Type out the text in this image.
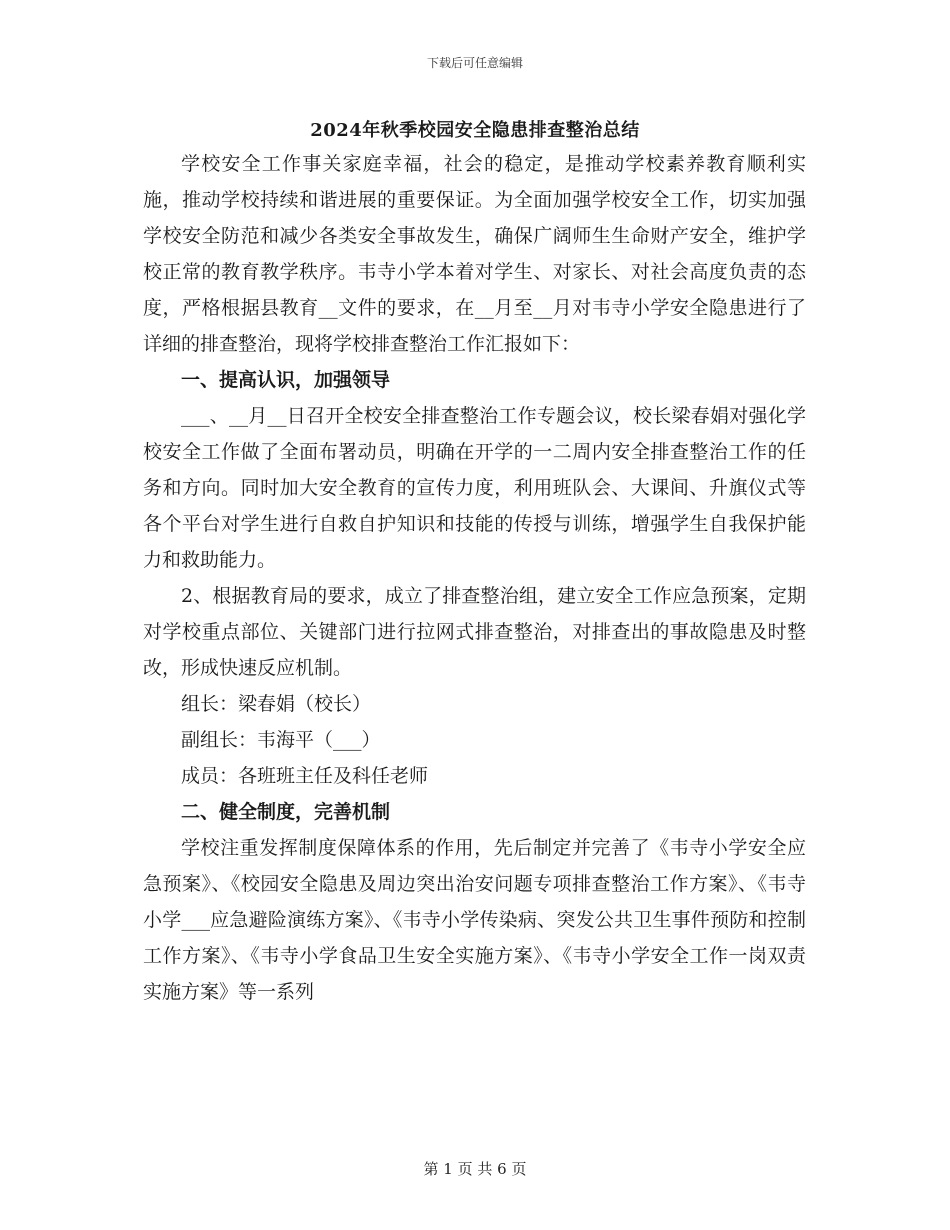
下载后可任意编辑
2024年秋季校园安全隐患排查整治总结

学校安全工作事关家庭幸福，社会的稳定，是推动学校素养教育顺利实施，推动学校持续和谐进展的重要保证。为全面加强学校安全工作，切实加强学校安全防范和减少各类安全事故发生，确保广阔师生生命财产安全，维护学校正常的教育教学秩序。韦寺小学本着对学生、对家长、对社会高度负责的态度，严格根据县教育__文件的要求，在__月至__月对韦寺小学安全隐患进行了详细的排查整治，现将学校排查整治工作汇报如下：

一、提高认识，加强领导

___、__月__日召开全校安全排查整治工作专题会议，校长梁春娟对强化学校安全工作做了全面布署动员，明确在开学的一二周内安全排查整治工作的任务和方向。同时加大安全教育的宣传力度，利用班队会、大课间、升旗仪式等各个平台对学生进行自救自护知识和技能的传授与训练，增强学生自我保护能力和救助能力。

2、根据教育局的要求，成立了排查整治组，建立安全工作应急预案，定期对学校重点部位、关键部门进行拉网式排查整治，对排查出的事故隐患及时整改，形成快速反应机制。

组长：梁春娟（校长）

副组长：韦海平（___）

成员：各班班主任及科任老师

二、健全制度，完善机制

学校注重发挥制度保障体系的作用，先后制定并完善了《韦寺小学安全应急预案》、《校园安全隐患及周边突出治安问题专项排查整治工作方案》、《韦寺小学___应急避险演练方案》、《韦寺小学传染病、突发公共卫生事件预防和控制工作方案》、《韦寺小学食品卫生安全实施方案》、《韦寺小学安全工作一岗双责实施方案》等一系列

第 1 页 共 6 页
